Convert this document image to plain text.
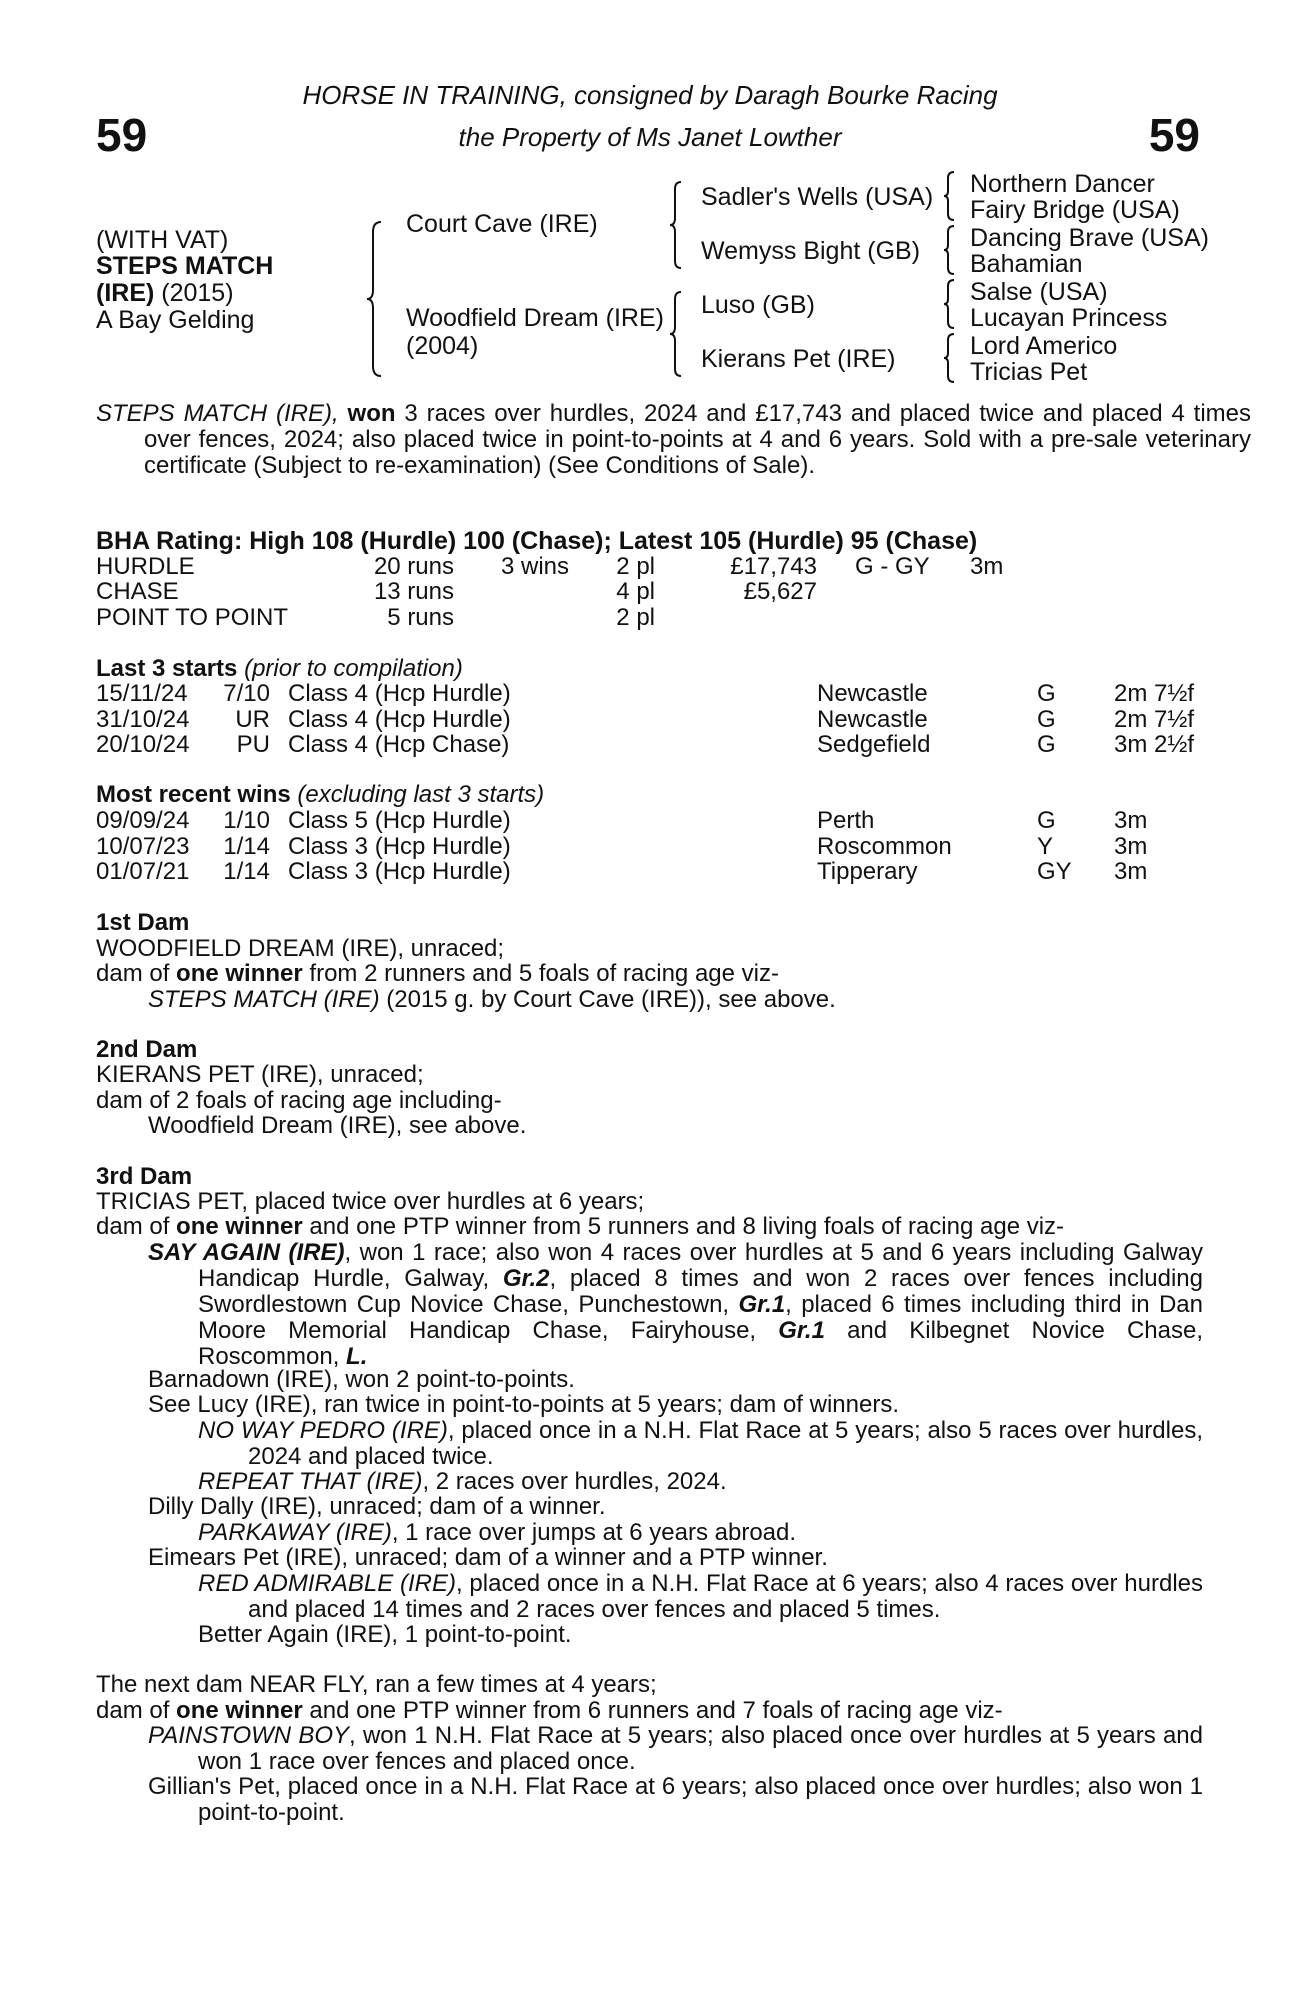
59	59
HORSE IN TRAINING, consigned by Daragh Bourke Racing
the Property of Ms Janet Lowther
(WITH VAT)
STEPS MATCH
(IRE) (2015)
A Bay Gelding
Court Cave (IRE)
Woodfield Dream (IRE)
(2004)
Sadler's Wells (USA)
Wemyss Bight (GB)
Luso (GB)
Kierans Pet (IRE)
Northern Dancer
Fairy Bridge (USA)
Dancing Brave (USA)
Bahamian
Salse (USA)
Lucayan Princess
Lord Americo
Tricias Pet
STEPS MATCH (IRE), won 3 races over hurdles, 2024 and £17,743 and placed twice and placed 4 times over fences, 2024; also placed twice in point-to-points at 4 and 6 years. Sold with a pre-sale veterinary certificate (Subject to re-examination) (See Conditions of Sale).
BHA Rating: High 108 (Hurdle) 100 (Chase); Latest 105 (Hurdle) 95 (Chase)
HURDLE	20 runs 3 wins 2 pl	£17,743 G - GY 3m
CHASE	13 runs	4 pl	£5,627
POINT TO POINT	5 runs	2 pl
Last 3 starts (prior to compilation)
15/11/24 7/10 Class 4 (Hcp Hurdle)	Newcastle	G 2m 7½f
31/10/24 UR Class 4 (Hcp Hurdle)	Newcastle	G 2m 7½f
20/10/24 PU Class 4 (Hcp Chase)	Sedgefield	G 3m 2½f
Most recent wins (excluding last 3 starts)
09/09/24 1/10 Class 5 (Hcp Hurdle)	Perth	G 3m
10/07/23 1/14 Class 3 (Hcp Hurdle)	Roscommon	Y	3m
01/07/21 1/14 Class 3 (Hcp Hurdle)	Tipperary	GY 3m
1st Dam
WOODFIELD DREAM (IRE), unraced;
dam of one winner from 2 runners and 5 foals of racing age viz-
STEPS MATCH (IRE) (2015 g. by Court Cave (IRE)), see above.
2nd Dam
KIERANS PET (IRE), unraced;
dam of 2 foals of racing age including-
Woodfield Dream (IRE), see above.
3rd Dam
TRICIAS PET, placed twice over hurdles at 6 years;
dam of one winner and one PTP winner from 5 runners and 8 living foals of racing age viz-
SAY AGAIN (IRE), won 1 race; also won 4 races over hurdles at 5 and 6 years including Galway Handicap Hurdle, Galway, Gr.2, placed 8 times and won 2 races over fences including Swordlestown Cup Novice Chase, Punchestown, Gr.1, placed 6 times including third in Dan Moore Memorial Handicap Chase, Fairyhouse, Gr.1 and Kilbegnet Novice Chase, Roscommon, L.
Barnadown (IRE), won 2 point-to-points.
See Lucy (IRE), ran twice in point-to-points at 5 years; dam of winners.
NO WAY PEDRO (IRE), placed once in a N.H. Flat Race at 5 years; also 5 races over hurdles, 2024 and placed twice.
REPEAT THAT (IRE), 2 races over hurdles, 2024.
Dilly Dally (IRE), unraced; dam of a winner.
PARKAWAY (IRE), 1 race over jumps at 6 years abroad.
Eimears Pet (IRE), unraced; dam of a winner and a PTP winner.
RED ADMIRABLE (IRE), placed once in a N.H. Flat Race at 6 years; also 4 races over hurdles and placed 14 times and 2 races over fences and placed 5 times.
Better Again (IRE), 1 point-to-point.
The next dam NEAR FLY, ran a few times at 4 years;
dam of one winner and one PTP winner from 6 runners and 7 foals of racing age viz-
PAINSTOWN BOY, won 1 N.H. Flat Race at 5 years; also placed once over hurdles at 5 years and won 1 race over fences and placed once.
Gillian's Pet, placed once in a N.H. Flat Race at 6 years; also placed once over hurdles; also won 1 point-to-point.
